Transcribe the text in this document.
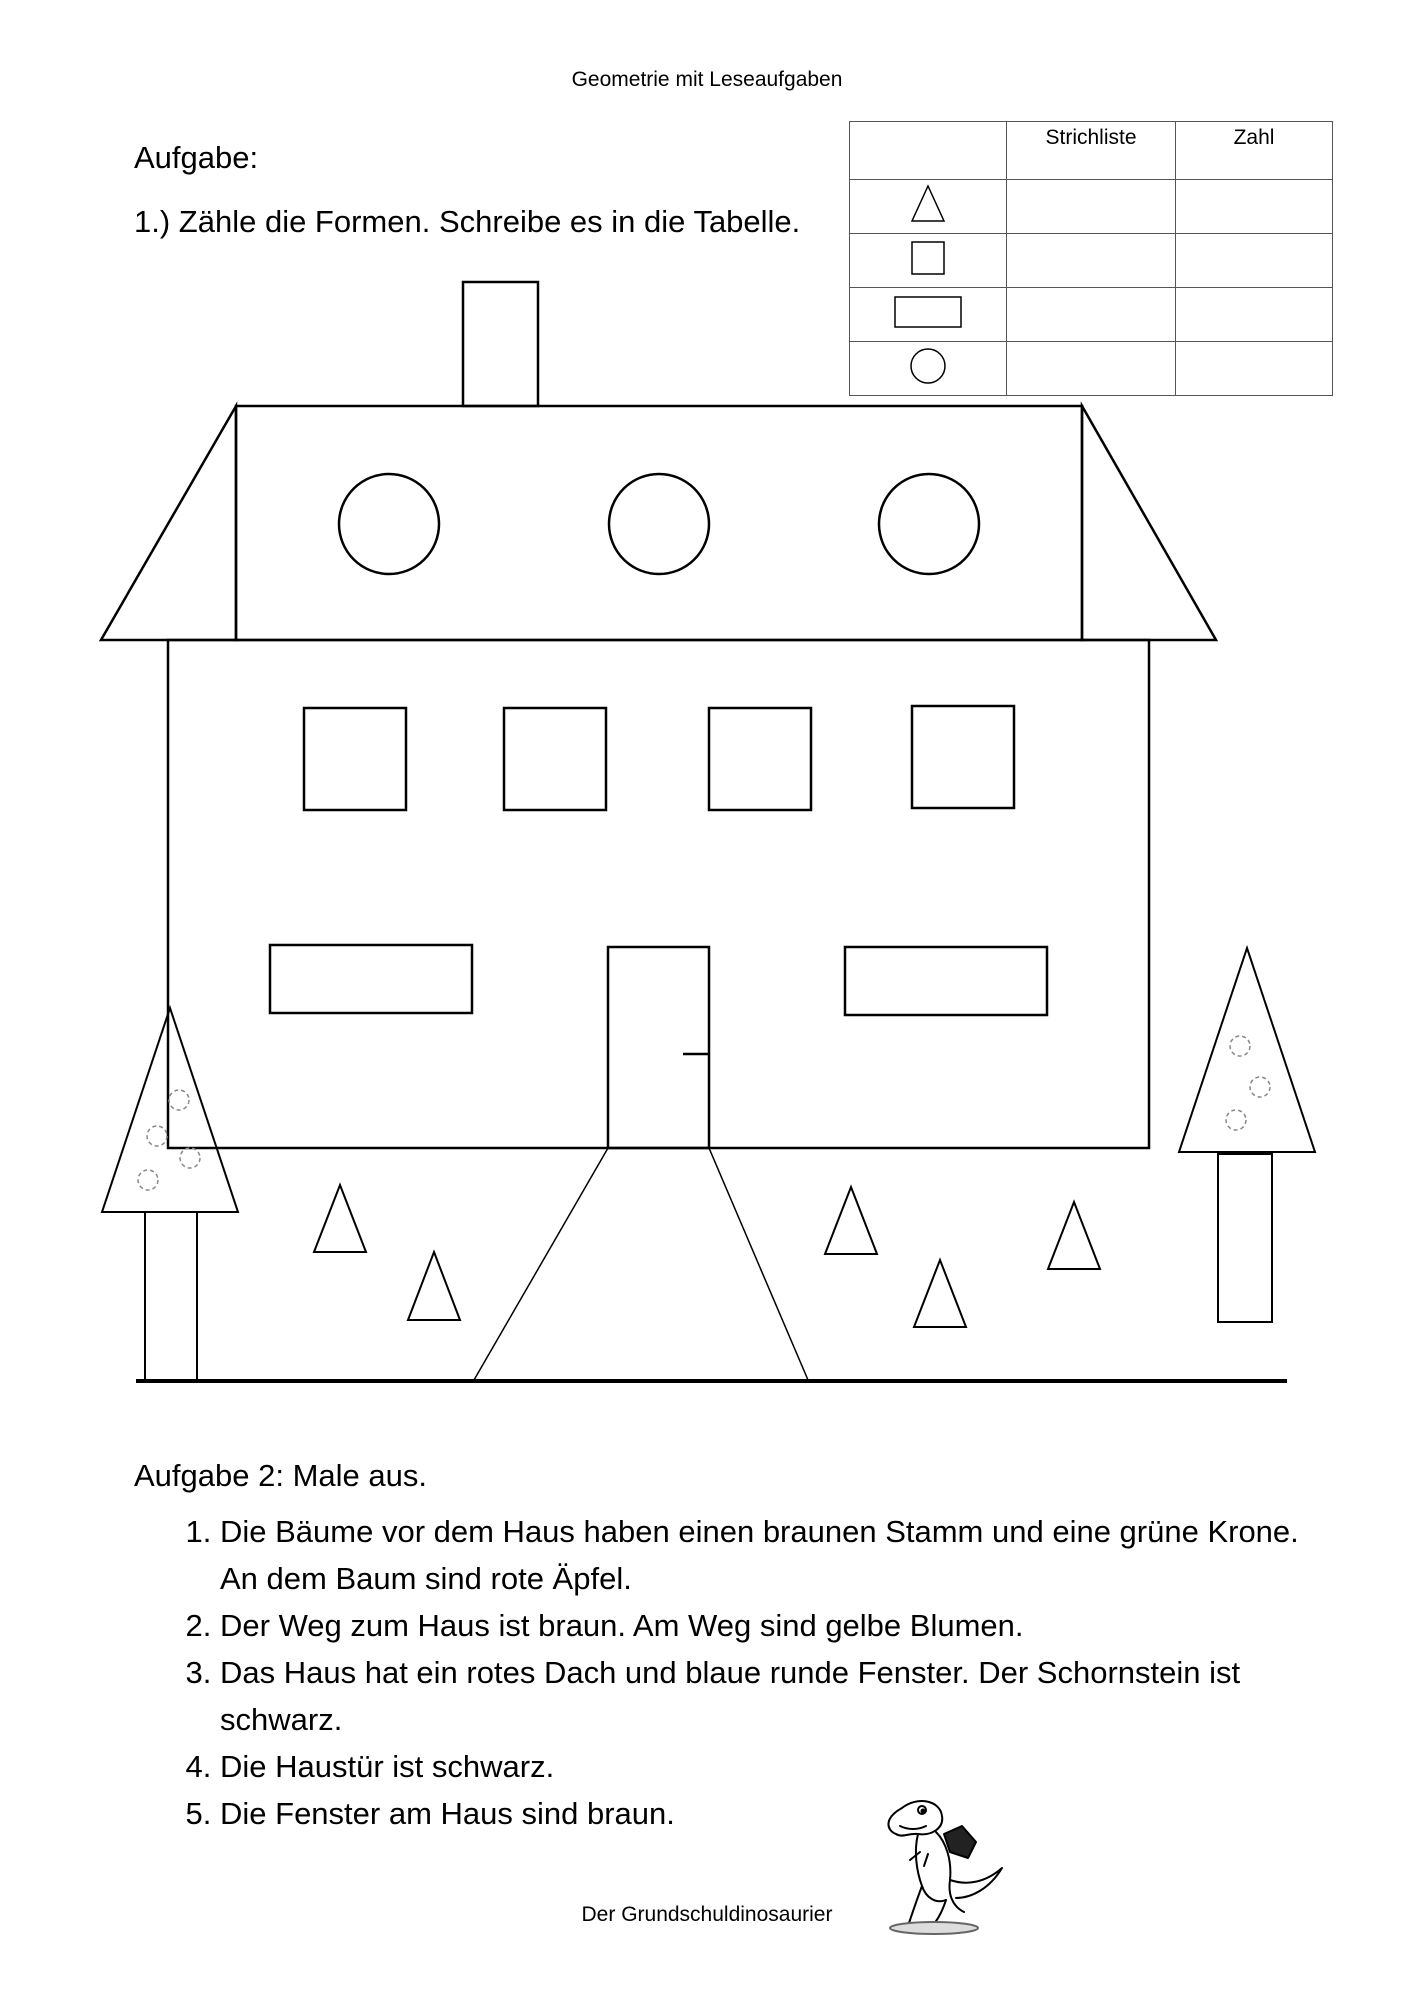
Geometrie mit Leseaufgaben
Aufgabe:
1.) Zähle die Formen. Schreibe es in die Tabelle.
	Strichliste	Zahl

Aufgabe 2: Male aus.
1. Die Bäume vor dem Haus haben einen braunen Stamm und eine grüne Krone. An dem Baum sind rote Äpfel.
2. Der Weg zum Haus ist braun. Am Weg sind gelbe Blumen.
3. Das Haus hat ein rotes Dach und blaue runde Fenster. Der Schornstein ist schwarz.
4. Die Haustür ist schwarz.
5. Die Fenster am Haus sind braun.
Der Grundschuldinosaurier
